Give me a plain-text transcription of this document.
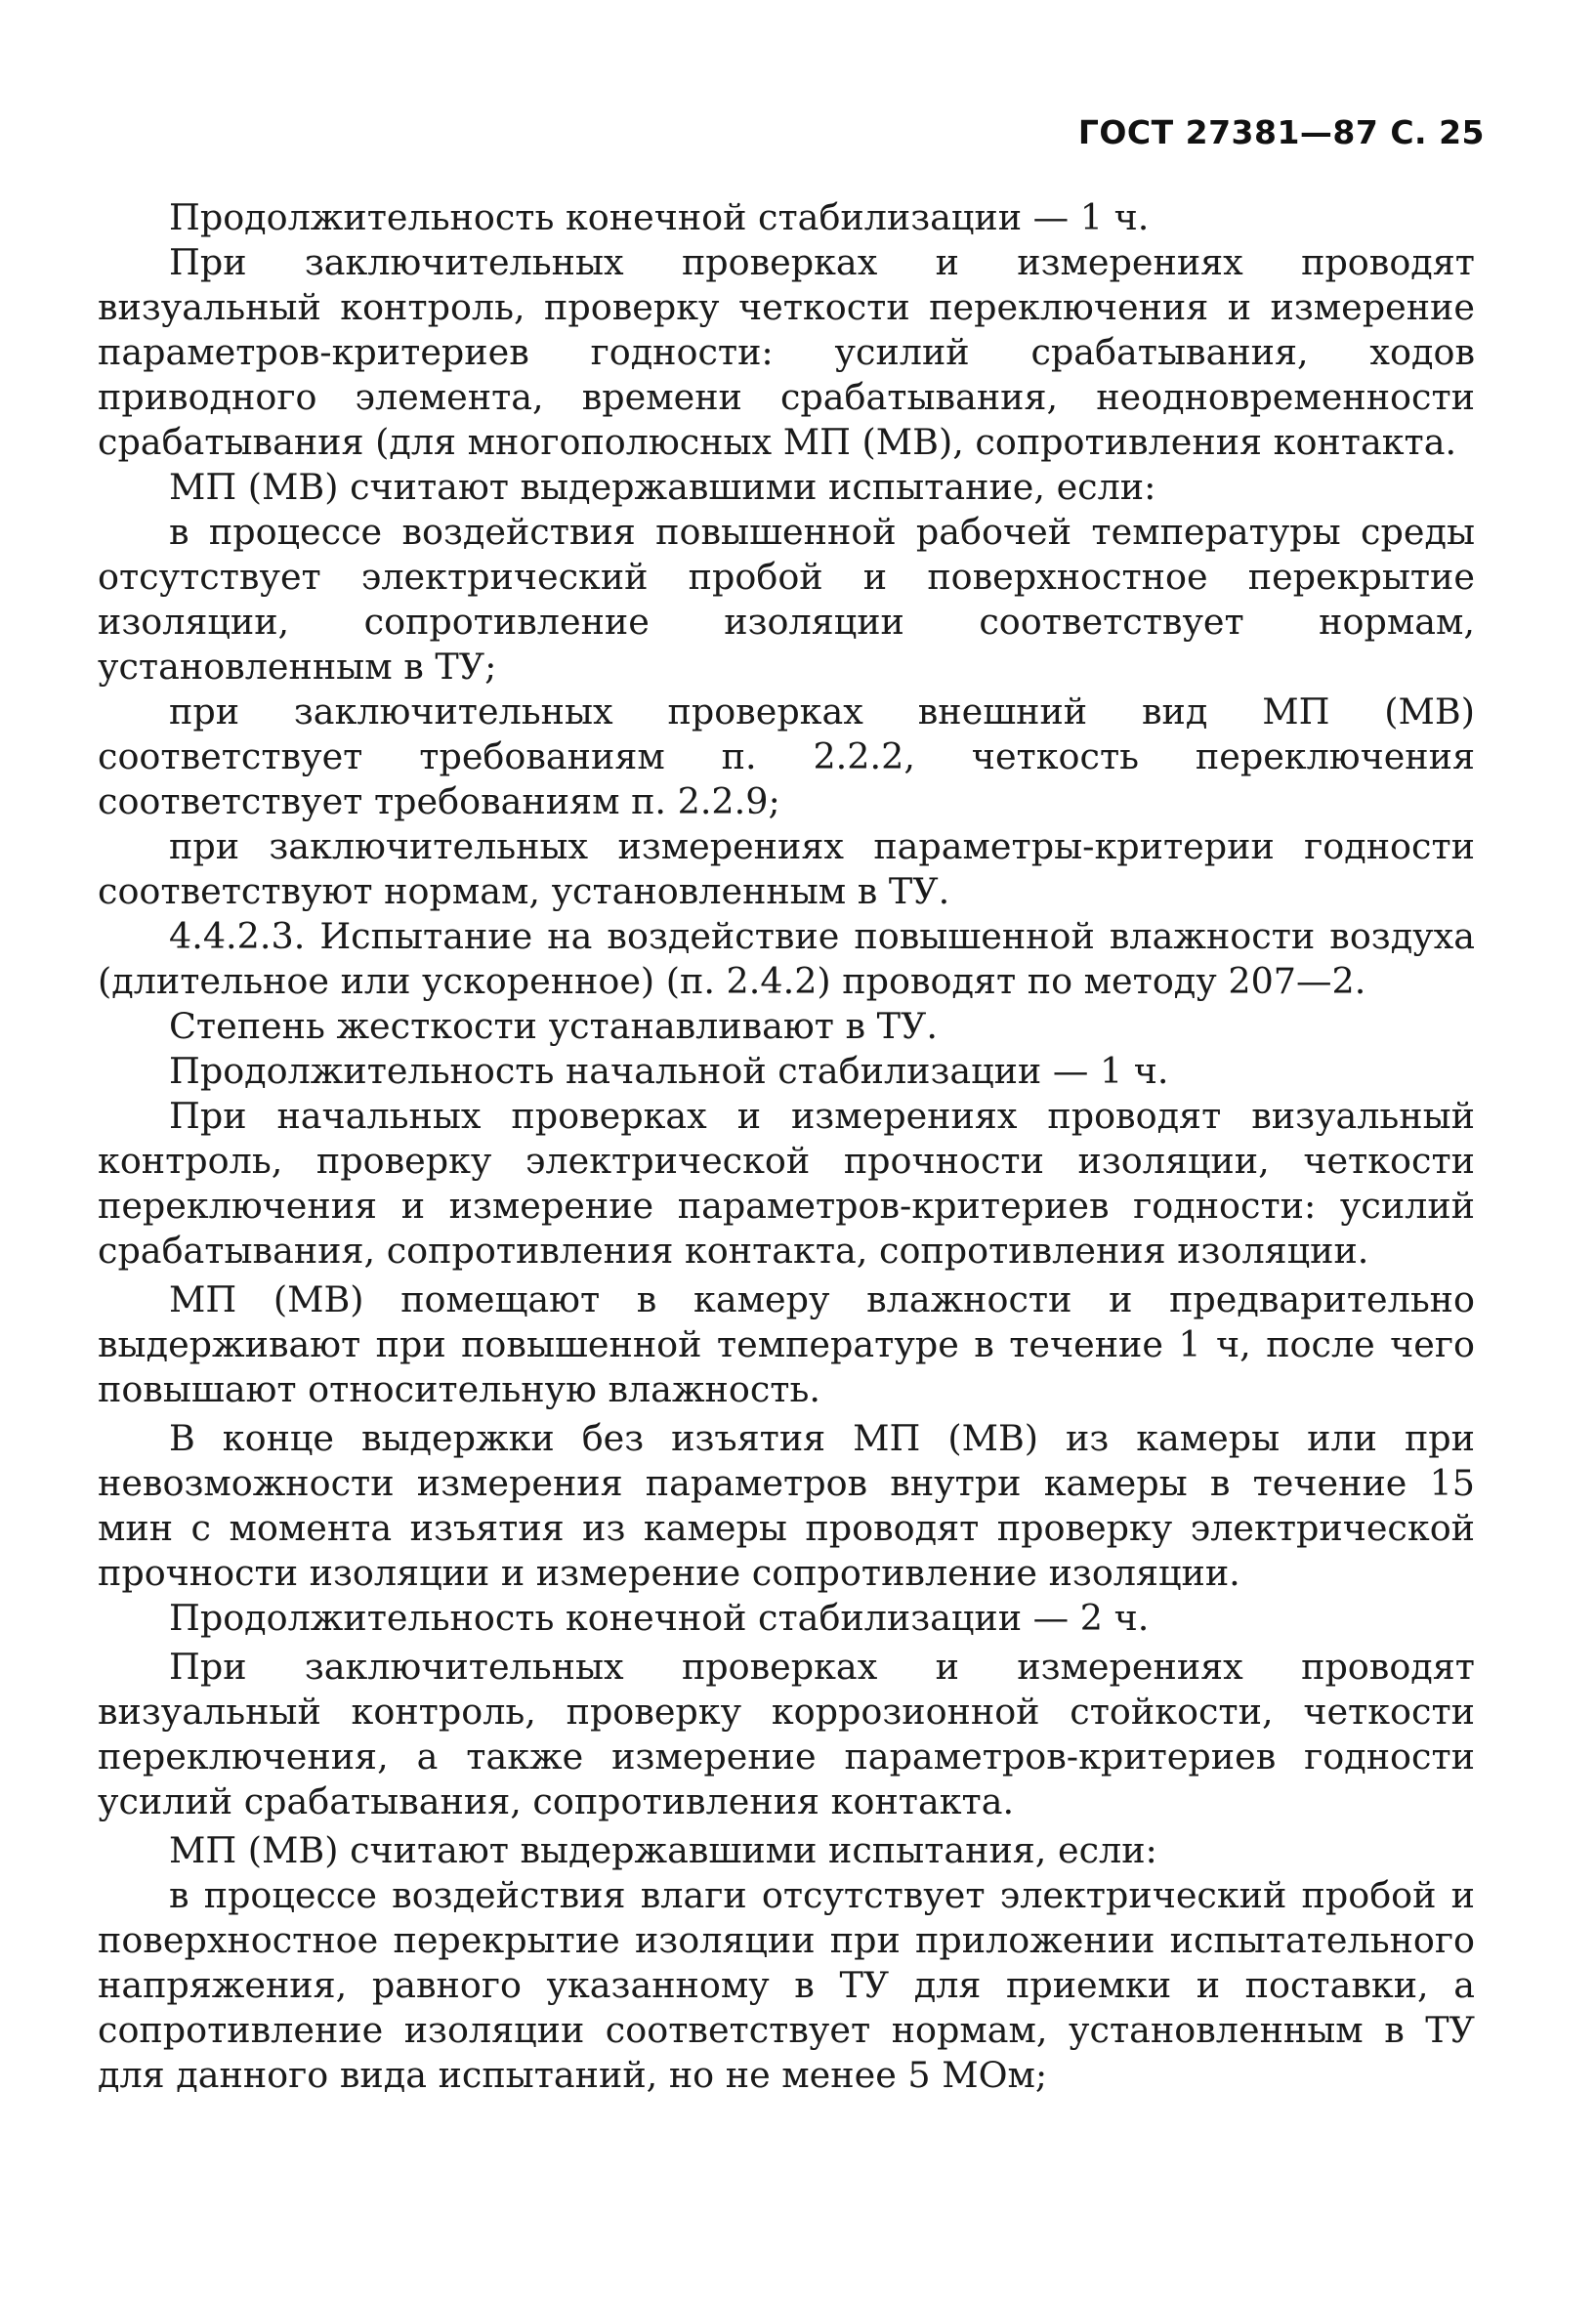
ГОСТ 27381—87 С. 25

Продолжительность конечной стабилизации — 1 ч.

При заключительных проверках и измерениях проводят визуальный контроль, проверку четкости переключения и измерение параметров-критериев годности: усилий срабатывания, ходов приводного элемента, времени срабатывания, неодновременности срабатывания (для многополюсных МП (МВ), сопротивления контакта.

МП (МВ) считают выдержавшими испытание, если:

в процессе воздействия повышенной рабочей температуры среды отсутствует электрический пробой и поверхностное перекрытие изоляции, сопротивление изоляции соответствует нормам, установленным в ТУ;

при заключительных проверках внешний вид МП (МВ) соответствует требованиям п. 2.2.2, четкость переключения соответствует требованиям п. 2.2.9;

при заключительных измерениях параметры-критерии годности соответствуют нормам, установленным в ТУ.

4.4.2.3. Испытание на воздействие повышенной влажности воздуха (длительное или ускоренное) (п. 2.4.2) проводят по методу 207—2.

Степень жесткости устанавливают в ТУ.

Продолжительность начальной стабилизации — 1 ч.

При начальных проверках и измерениях проводят визуальный контроль, проверку электрической прочности изоляции, четкости переключения и измерение параметров-критериев годности: усилий срабатывания, сопротивления контакта, сопротивления изоляции.

МП (МВ) помещают в камеру влажности и предварительно выдерживают при повышенной температуре в течение 1 ч, после чего повышают относительную влажность.

В конце выдержки без изъятия МП (МВ) из камеры или при невозможности измерения параметров внутри камеры в течение 15 мин с момента изъятия из камеры проводят проверку электрической прочности изоляции и измерение сопротивление изоляции.

Продолжительность конечной стабилизации — 2 ч.

При заключительных проверках и измерениях проводят визуальный контроль, проверку коррозионной стойкости, четкости переключения, а также измерение параметров-критериев годности усилий срабатывания, сопротивления контакта.

МП (МВ) считают выдержавшими испытания, если:

в процессе воздействия влаги отсутствует электрический пробой и поверхностное перекрытие изоляции при приложении испытательного напряжения, равного указанному в ТУ для приемки и поставки, а сопротивление изоляции соответствует нормам, установленным в ТУ для данного вида испытаний, но не менее 5 МОм;
